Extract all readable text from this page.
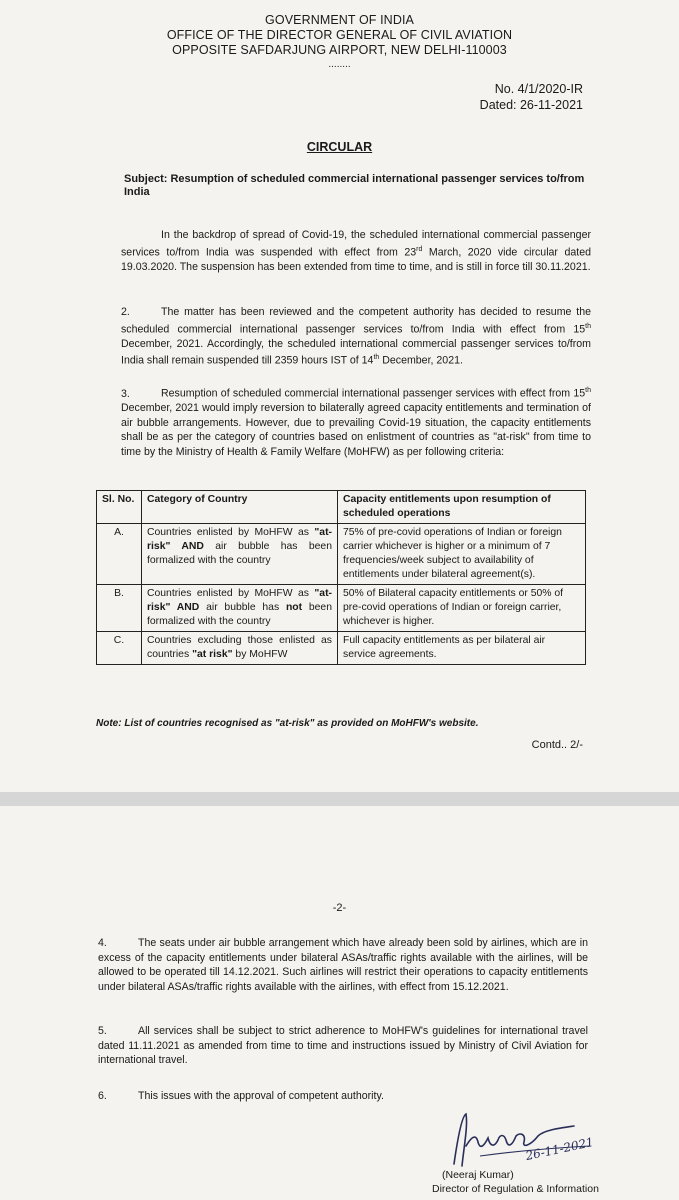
GOVERNMENT OF INDIA
OFFICE OF THE DIRECTOR GENERAL OF CIVIL AVIATION
OPPOSITE SAFDARJUNG AIRPORT, NEW DELHI-110003
........
No. 4/1/2020-IR
Dated: 26-11-2021
CIRCULAR
Subject: Resumption of scheduled commercial international passenger services to/from India
In the backdrop of spread of Covid-19, the scheduled international commercial passenger services to/from India was suspended with effect from 23rd March, 2020 vide circular dated 19.03.2020. The suspension has been extended from time to time, and is still in force till 30.11.2021.
2.	The matter has been reviewed and the competent authority has decided to resume the scheduled commercial international passenger services to/from India with effect from 15th December, 2021. Accordingly, the scheduled international commercial passenger services to/from India shall remain suspended till 2359 hours IST of 14th December, 2021.
3.	Resumption of scheduled commercial international passenger services with effect from 15th December, 2021 would imply reversion to bilaterally agreed capacity entitlements and termination of air bubble arrangements. However, due to prevailing Covid-19 situation, the capacity entitlements shall be as per the category of countries based on enlistment of countries as "at-risk" from time to time by the Ministry of Health & Family Welfare (MoHFW) as per following criteria:
Sl. No.	Category of Country	Capacity entitlements upon resumption of scheduled operations
A.	Countries enlisted by MoHFW as "at-risk" AND air bubble has been formalized with the country	75% of pre-covid operations of Indian or foreign carrier whichever is higher or a minimum of 7 frequencies/week subject to availability of entitlements under bilateral agreement(s).
B.	Countries enlisted by MoHFW as "at-risk" AND air bubble has not been formalized with the country	50% of Bilateral capacity entitlements or 50% of pre-covid operations of Indian or foreign carrier, whichever is higher.
C.	Countries excluding those enlisted as countries "at risk" by MoHFW	Full capacity entitlements as per bilateral air service agreements.
Note: List of countries recognised as "at-risk" as provided on MoHFW's website.
Contd.. 2/-
-2-
4.	The seats under air bubble arrangement which have already been sold by airlines, which are in excess of the capacity entitlements under bilateral ASAs/traffic rights available with the airlines, will be allowed to be operated till 14.12.2021. Such airlines will restrict their operations to capacity entitlements under bilateral ASAs/traffic rights available with the airlines, with effect from 15.12.2021.
5.	All services shall be subject to strict adherence to MoHFW's guidelines for international travel dated 11.11.2021 as amended from time to time and instructions issued by Ministry of Civil Aviation for international travel.
6.	This issues with the approval of competent authority.
26-11-2021
(Neeraj Kumar)
Director of Regulation & Information
